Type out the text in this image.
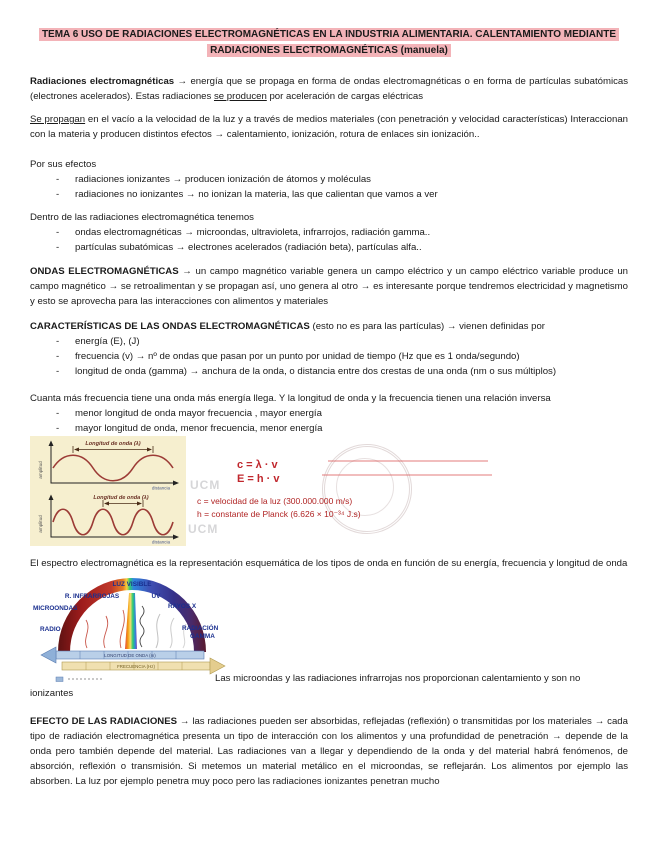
TEMA 6 USO DE RADIACIONES ELECTROMAGNÉTICAS EN LA INDUSTRIA ALIMENTARIA. CALENTAMIENTO MEDIANTE RADIACIONES ELECTROMAGNÉTICAS (manuela)

Radiaciones electromagnéticas → energía que se propaga en forma de ondas electromagnéticas o en forma de partículas subatómicas (electrones acelerados). Estas radiaciones se producen por aceleración de cargas eléctricas

Se propagan en el vacío a la velocidad de la luz y a través de medios materiales (con penetración y velocidad características) Interaccionan con la materia y producen distintos efectos → calentamiento, ionización, rotura de enlaces sin ionización..

Por sus efectos

- radiaciones ionizantes → producen ionización de átomos y moléculas
- radiaciones no ionizantes → no ionizan la materia, las que calientan que vamos a ver

Dentro de las radiaciones electromagnética tenemos

- ondas electromagnéticas → microondas, ultravioleta, infrarrojos, radiación gamma..
- partículas subatómicas → electrones acelerados (radiación beta), partículas alfa..

ONDAS ELECTROMAGNÉTICAS → un campo magnético variable genera un campo eléctrico y un campo eléctrico variable produce un campo magnético → se retroalimentan y se propagan así, uno genera al otro → es interesante porque tendremos electricidad y magnetismo y esto se aprovecha para las interacciones con alimentos y materiales

CARACTERÍSTICAS DE LAS ONDAS ELECTROMAGNÉTICAS (esto no es para las partículas) → vienen definidas por

- energía (E), (J)
- frecuencia (v) → nº de ondas que pasan por un punto por unidad de tiempo (Hz que es 1 onda/segundo)
- longitud de onda (gamma) → anchura de la onda, o distancia entre dos crestas de una onda (nm o sus múltiplos)

Cuanta más frecuencia tiene una onda más energía llega. Y la longitud de onda y la frecuencia tienen una relación inversa

- menor longitud de onda mayor frecuencia , mayor energía
- mayor longitud de onda, menor frecuencia, menor energía
Longitud de onda (λ)
amplitud
distancia
Longitud de onda (λ)
amplitud
distancia
UCM
UCM
c = λ · v
E = h · v
c = velocidad de la luz (300.000.000 m/s)
h = constante de Planck (6.626 × 10⁻³⁴ J.s)

El espectro electromagnética es la representación esquemática de los tipos de onda en función de su energía, frecuencia y longitud de onda

LONGITUD DE ONDA (m)
FRECUENCIA (Hz)
LUZ VISIBLE
R. INFRARROJAS	UV
MICROONDAS	RAYOS X
RADIO	RADIACIÓN
GAMMA
Las microondas y las radiaciones infrarrojas nos proporcionan calentamiento y son no
ionizantes

EFECTO DE LAS RADIACIONES → las radiaciones pueden ser absorbidas, reflejadas (reflexión) o transmitidas por los materiales → cada tipo de radiación electromagnética presenta un tipo de interacción con los alimentos y una profundidad de penetración → depende de la onda pero también depende del material. Las radiaciones van a llegar y dependiendo de la onda y del material habrá fenómenos, de absorción, reflexión o transmisión. Si metemos un material metálico en el microondas, se reflejarán. Los alimentos por ejemplo las absorben. La luz por ejemplo penetra muy poco pero las radiaciones ionizantes penetran mucho
